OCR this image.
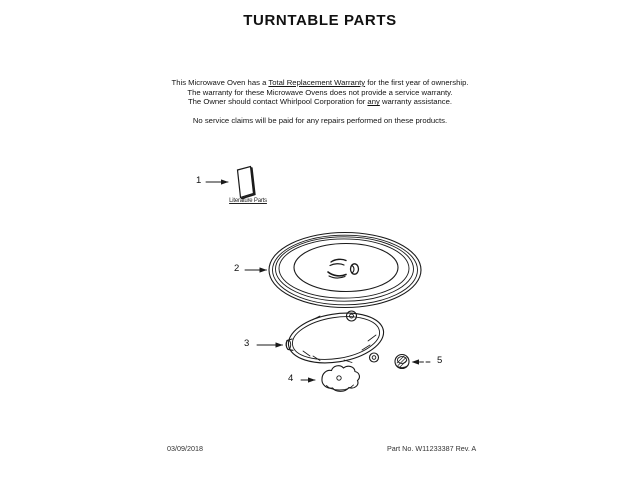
TURNTABLE PARTS
This Microwave Oven has a Total Replacement Warranty for the first year of ownership.
The warranty for these Microwave Ovens does not provide a service warranty.
The Owner should contact Whirlpool Corporation for any warranty assistance.
No service claims will be paid for any repairs performed on these products.
1
2
3
4
5
Literature Parts
03/09/2018	Part No. W11233387 Rev. A
